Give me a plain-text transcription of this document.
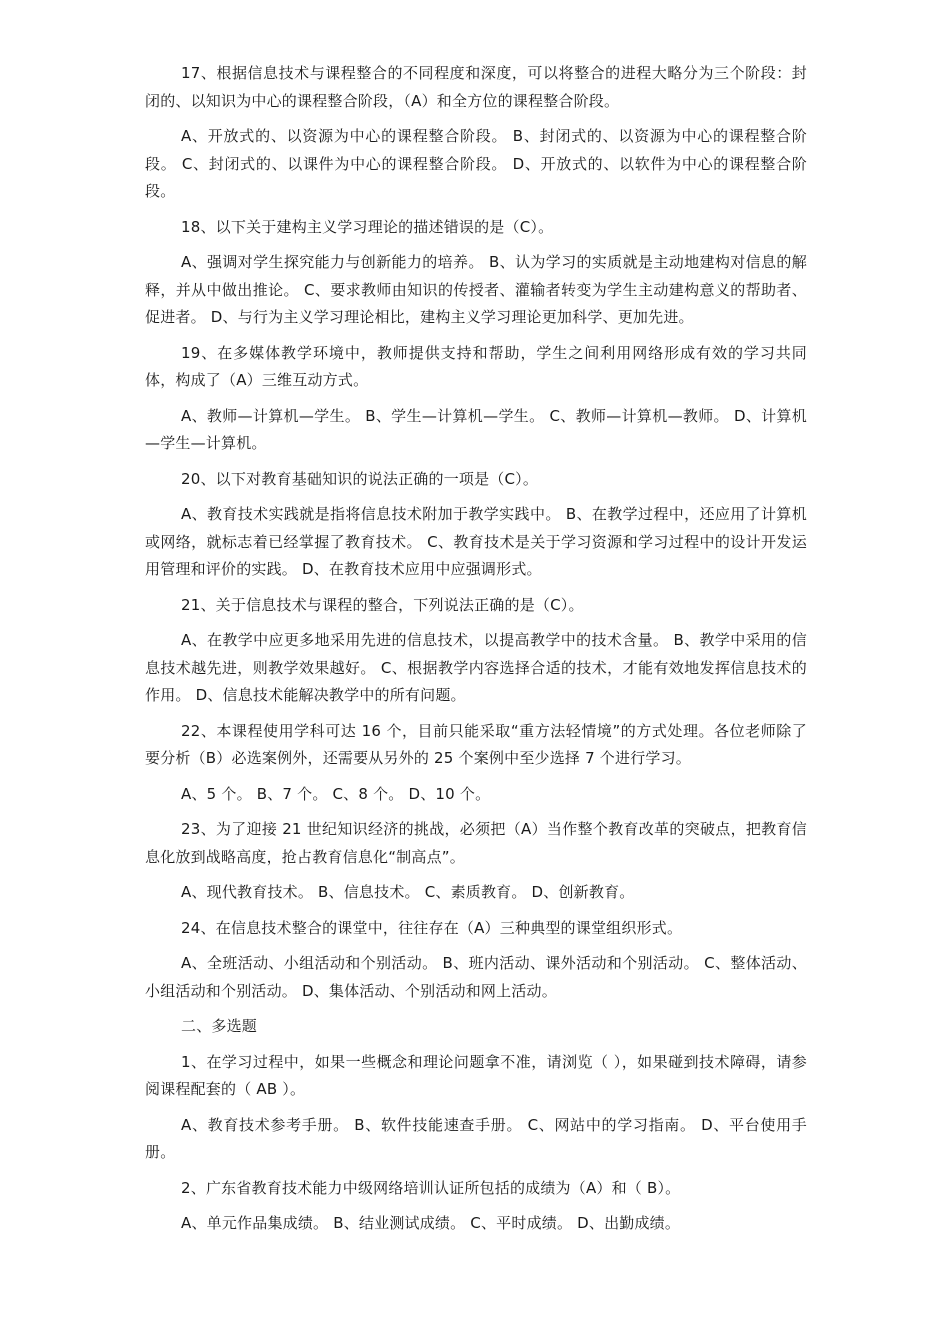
17、根据信息技术与课程整合的不同程度和深度，可以将整合的进程大略分为三个阶段：封闭的、以知识为中心的课程整合阶段，（A）和全方位的课程整合阶段。

A、开放式的、以资源为中心的课程整合阶段。 B、封闭式的、以资源为中心的课程整合阶段。 C、封闭式的、以课件为中心的课程整合阶段。 D、开放式的、以软件为中心的课程整合阶段。

18、以下关于建构主义学习理论的描述错误的是（C）。

A、强调对学生探究能力与创新能力的培养。 B、认为学习的实质就是主动地建构对信息的解释，并从中做出推论。 C、要求教师由知识的传授者、灌输者转变为学生主动建构意义的帮助者、促进者。 D、与行为主义学习理论相比，建构主义学习理论更加科学、更加先进。

19、在多媒体教学环境中，教师提供支持和帮助，学生之间利用网络形成有效的学习共同体，构成了（A）三维互动方式。

A、教师—计算机—学生。 B、学生—计算机—学生。 C、教师—计算机—教师。 D、计算机—学生—计算机。

20、以下对教育基础知识的说法正确的一项是（C）。

A、教育技术实践就是指将信息技术附加于教学实践中。 B、在教学过程中，还应用了计算机或网络，就标志着已经掌握了教育技术。 C、教育技术是关于学习资源和学习过程中的设计开发运用管理和评价的实践。 D、在教育技术应用中应强调形式。

21、关于信息技术与课程的整合，下列说法正确的是（C）。

A、在教学中应更多地采用先进的信息技术，以提高教学中的技术含量。 B、教学中采用的信息技术越先进，则教学效果越好。 C、根据教学内容选择合适的技术，才能有效地发挥信息技术的作用。 D、信息技术能解决教学中的所有问题。

22、本课程使用学科可达 16 个，目前只能采取“重方法轻情境”的方式处理。各位老师除了要分析（B）必选案例外，还需要从另外的 25 个案例中至少选择 7 个进行学习。

A、5 个。 B、7 个。 C、8 个。 D、10 个。

23、为了迎接 21 世纪知识经济的挑战，必须把（A）当作整个教育改革的突破点，把教育信息化放到战略高度，抢占教育信息化“制高点”。

A、现代教育技术。 B、信息技术。 C、素质教育。 D、创新教育。

24、在信息技术整合的课堂中，往往存在（A）三种典型的课堂组织形式。

A、全班活动、小组活动和个别活动。 B、班内活动、课外活动和个别活动。 C、整体活动、小组活动和个别活动。 D、集体活动、个别活动和网上活动。

二、多选题

1、在学习过程中，如果一些概念和理论问题拿不准，请浏览（ ），如果碰到技术障碍，请参阅课程配套的（ AB ）。

A、教育技术参考手册。 B、软件技能速查手册。 C、网站中的学习指南。 D、平台使用手册。

2、广东省教育技术能力中级网络培训认证所包括的成绩为（A）和（ B）。

A、单元作品集成绩。 B、结业测试成绩。 C、平时成绩。 D、出勤成绩。
